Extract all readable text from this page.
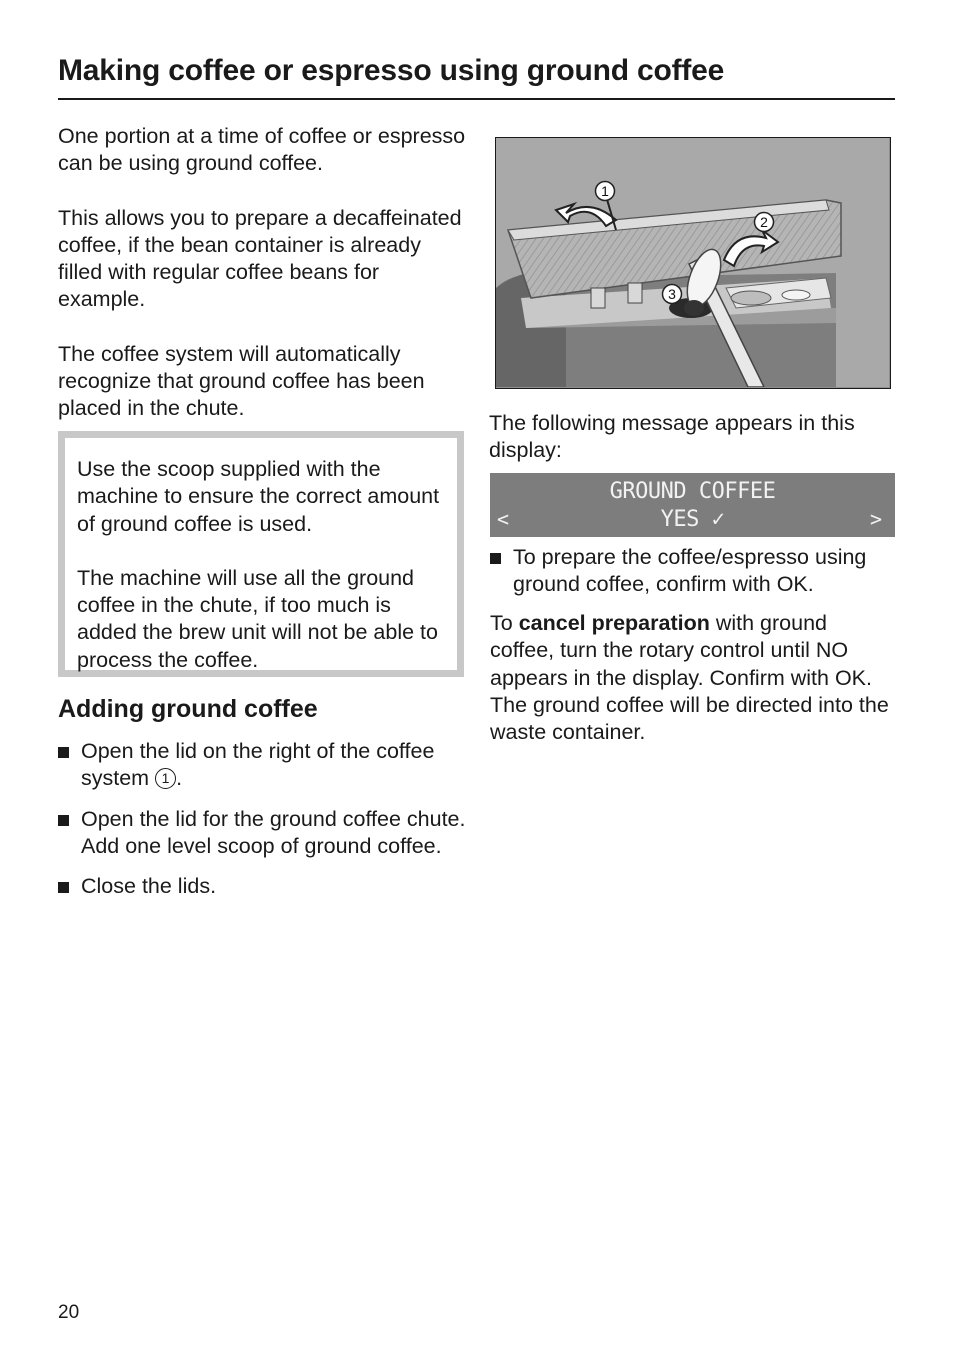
Making coffee or espresso using ground coffee

One portion at a time of coffee or espresso can be using ground coffee.

This allows you to prepare a decaffeinated coffee, if the bean container is already filled with regular coffee beans for example.

The coffee system will automatically recognize that ground coffee has been placed in the chute.

Use the scoop supplied with the machine to ensure the correct amount of ground coffee is used.

The machine will use all the ground coffee in the chute, if too much is added the brew unit will not be able to process the coffee.

Adding ground coffee
Open the lid on the right of the coffee system 1 .
Open the lid for the ground coffee chute. Add one level scoop of ground coffee.
Close the lids.
1
2
3

The following message appears in this display:

GROUND COFFEE
<	YES ✓	>
To prepare the coffee/espresso using ground coffee, confirm with OK.

To cancel preparation with ground coffee, turn the rotary control until NO appears in the display. Confirm with OK.

The ground coffee will be directed into the waste container.

20
